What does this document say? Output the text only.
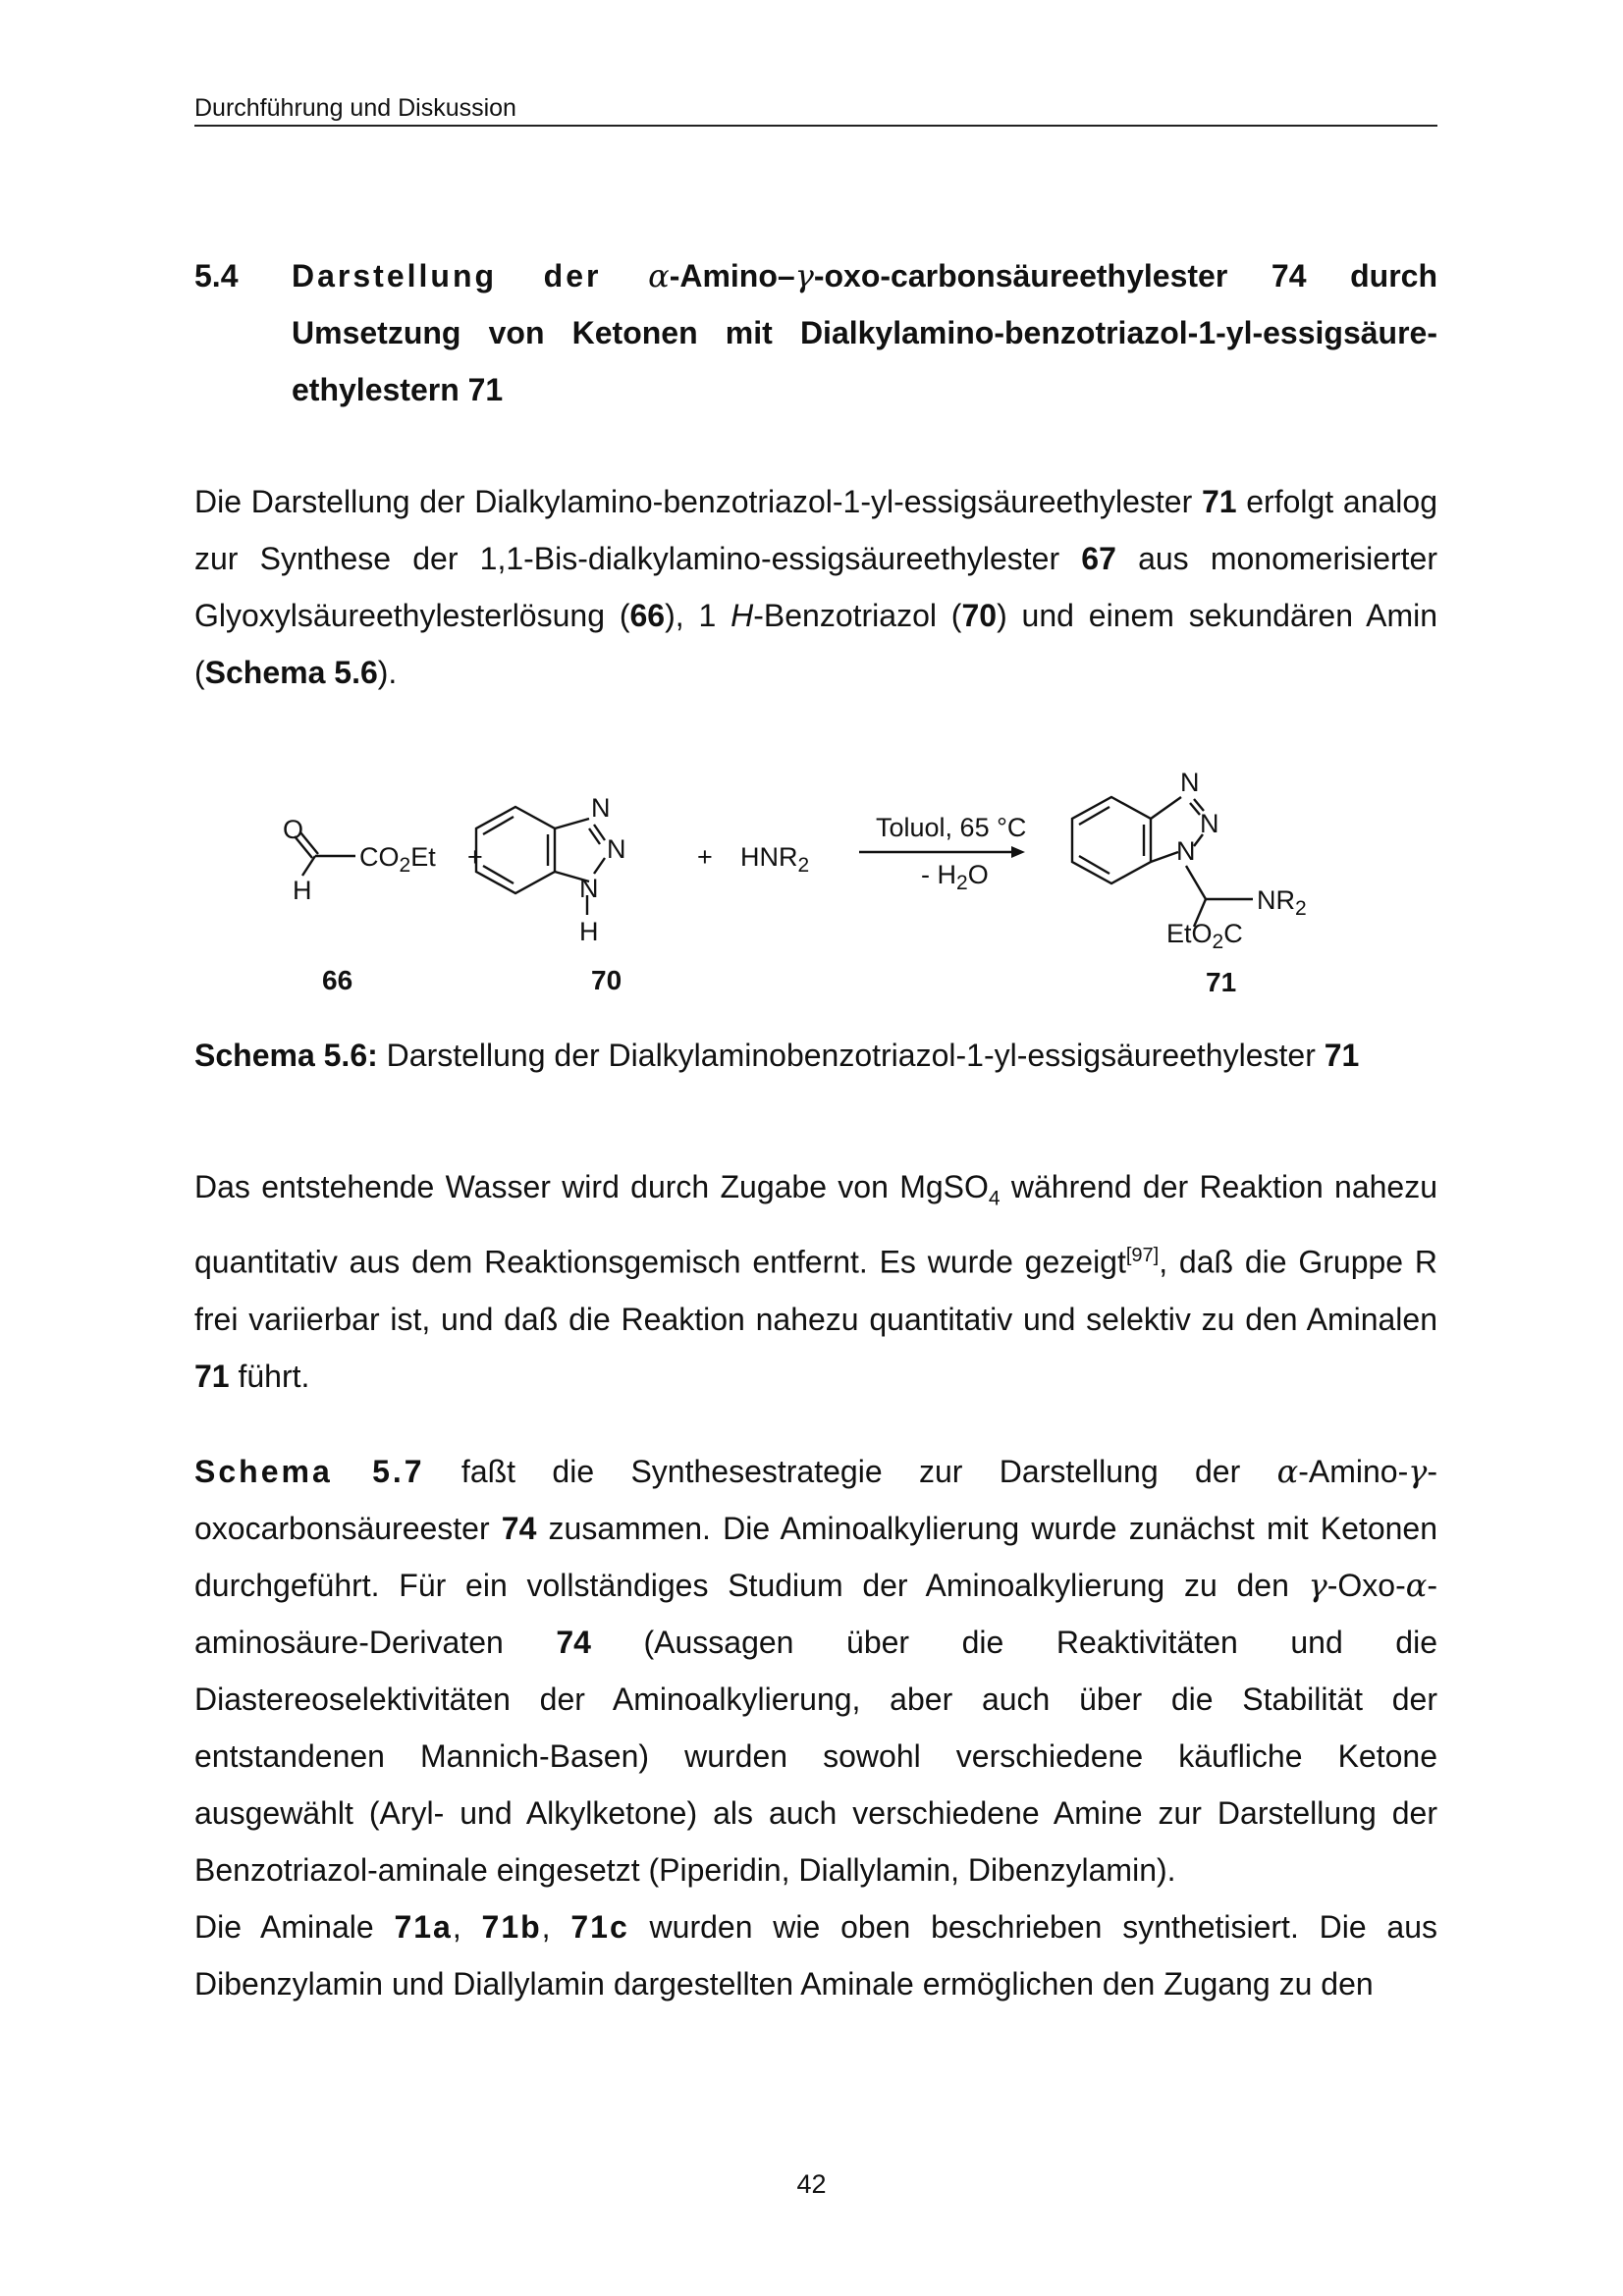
Durchführung und Diskussion
5.4 Darstellung der α-Amino–γ-oxo-carbonsäureethylester 74 durch Umsetzung von Ketonen mit Dialkylamino-benzotriazol-1-yl-essigsäure-ethylestern 71

Die Darstellung der Dialkylamino-benzotriazol-1-yl-essigsäureethylester 71 erfolgt analog zur Synthese der 1,1-Bis-dialkylamino-essigsäureethylester 67 aus monomerisierter Glyoxylsäureethylesterlösung (66), 1 H-Benzotriazol (70) und einem sekundären Amin (Schema 5.6).

O
H
$CO_2Et$ +
N
N
N
H
+ $HNR_2$
Toluol, 65 °C
- $H_2O$
N
N
N
$NR_2$
EtO$_2$C
66	70	71
Schema 5.6: Darstellung der Dialkylaminobenzotriazol-1-yl-essigsäureethylester 71

Das entstehende Wasser wird durch Zugabe von MgSO$_4$ während der Reaktion nahezu quantitativ aus dem Reaktionsgemisch entfernt. Es wurde gezeigt[97], daß die Gruppe R frei variierbar ist, und daß die Reaktion nahezu quantitativ und selektiv zu den Aminalen 71 führt.

Schema 5.7 faßt die Synthesestrategie zur Darstellung der α-Amino-γ-oxocarbonsäureester 74 zusammen. Die Aminoalkylierung wurde zunächst mit Ketonen durchgeführt. Für ein vollständiges Studium der Aminoalkylierung zu den γ-Oxo-α-aminosäure-Derivaten 74 (Aussagen über die Reaktivitäten und die Diastereoselektivitäten der Aminoalkylierung, aber auch über die Stabilität der entstandenen Mannich-Basen) wurden sowohl verschiedene käufliche Ketone ausgewählt (Aryl- und Alkylketone) als auch verschiedene Amine zur Darstellung der Benzotriazol-aminale eingesetzt (Piperidin, Diallylamin, Dibenzylamin).

Die Aminale 71a, 71b, 71c wurden wie oben beschrieben synthetisiert. Die aus Dibenzylamin und Diallylamin dargestellten Aminale ermöglichen den Zugang zu den

42
